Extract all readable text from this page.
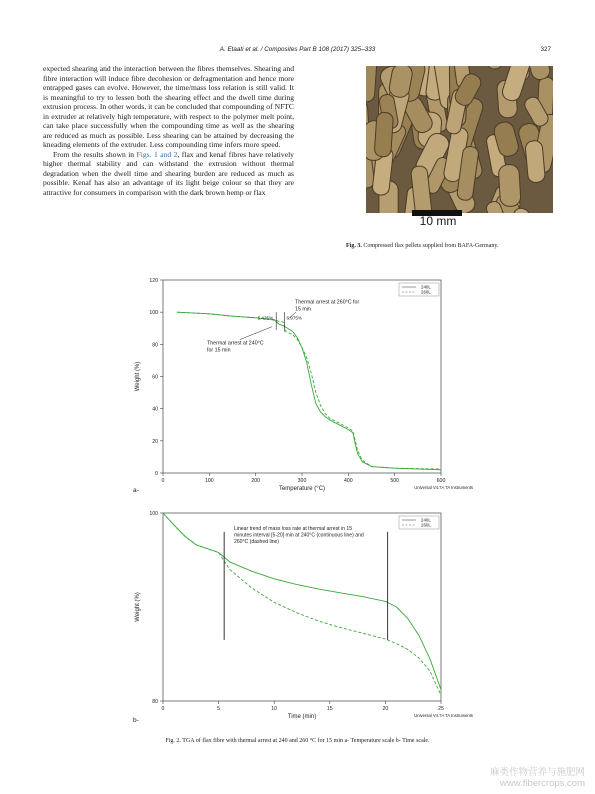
A. Etaati et al. / Composites Part B 108 (2017) 325–333	327

expected shearing and the interaction between the fibres themselves. Shearing and fibre interaction will induce fibre decohesion or defragmentation and hence more entrapped gases can evolve. However, the time/mass loss relation is still valid. It is meaningful to try to lessen both the shearing effect and the dwell time during extrusion process. In other words, it can be concluded that compounding of NFTC in extruder at relatively high temperature, with respect to the polymer melt point, can take place successfully when the compounding time as well as the shearing are reduced as much as possible. Less shearing can be attained by decreasing the kneading elements of the extruder. Less compounding time infers more speed.

From the results shown in Figs. 1 and 2, flax and kenaf fibres have relatively higher thermal stability and can withstand the extrusion without thermal degradation when the dwell time and shearing burden are reduced as much as possible. Kenaf has also an advantage of its light beige colour so that they are attractive for consumers in comparison with the dark brown hemp or flax

10 mm
Fig. 3. Compressed flax pellets supplied from BAFA-Germany.
0	100	200	300	400	500	600
0
20
40
60
80
100
120
Temperature (°C)
Weight (%)
Universal V4.7A TA Instruments
240L
260L
5.425%	6.975%
Thermal arrest at 260°C for 15 min
Thermal arrest at 240°C for 15 min
0	5	10	15	20	25
80
100
Time (min)
Weight (%)
Universal V4.7A TA Instruments
240L
260L
Linear trend of mass loss rate at thermal arrest in 15 minutes interval [5-20] min at 240°C (continuous line) and 260°C (dashed line)
a-
b-
Fig. 2. TGA of flax fibre with thermal arrest at 240 and 260 °C for 15 min a- Temperature scale b- Time scale.
麻类作物营养与施肥网
www.fibercrops.com
